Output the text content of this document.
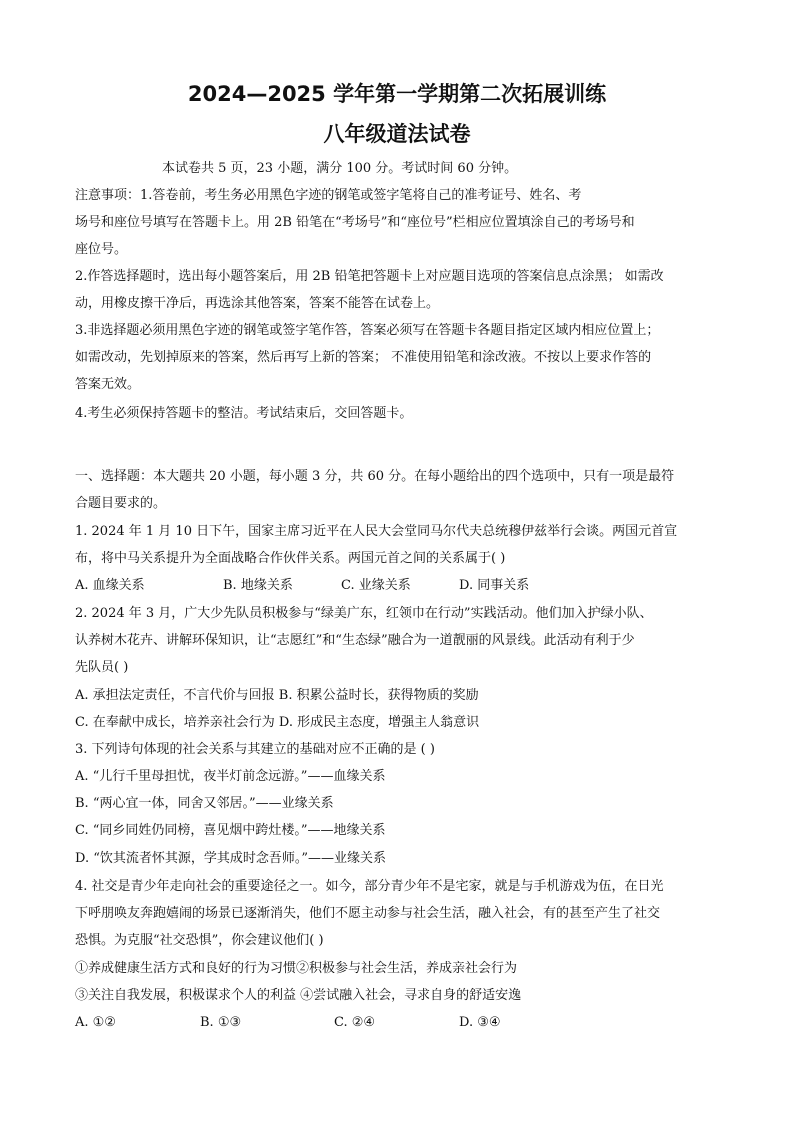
2024—2025 学年第一学期第二次拓展训练
八年级道法试卷
本试卷共 5 页，23 小题，满分 100 分。考试时间 60 分钟。
注意事项：1.答卷前，考生务必用黑色字迹的钢笔或签字笔将自己的准考证号、姓名、考
场号和座位号填写在答题卡上。用 2B 铅笔在“考场号”和“座位号”栏相应位置填涂自己的考场号和
座位号。
2.作答选择题时，选出每小题答案后，用 2B 铅笔把答题卡上对应题目选项的答案信息点涂黑； 如需改
动，用橡皮擦干净后，再选涂其他答案，答案不能答在试卷上。
3.非选择题必须用黑色字迹的钢笔或签字笔作答，答案必须写在答题卡各题目指定区域内相应位置上；
如需改动，先划掉原来的答案，然后再写上新的答案； 不准使用铅笔和涂改液。不按以上要求作答的
答案无效。
4.考生必须保持答题卡的整洁。考试结束后，交回答题卡。
一、选择题：本大题共 20 小题，每小题 3 分，共 60 分。在每小题给出的四个选项中，只有一项是最符
合题目要求的。
1. 2024 年 1 月 10 日下午，国家主席习近平在人民大会堂同马尔代夫总统穆伊兹举行会谈。两国元首宣
布，将中马关系提升为全面战略合作伙伴关系。两国元首之间的关系属于( )
A. 血缘关系	B. 地缘关系	C. 业缘关系	D. 同事关系
2. 2024 年 3 月，广大少先队员积极参与“绿美广东，红领巾在行动”实践活动。他们加入护绿小队、
认养树木花卉、讲解环保知识，让“志愿红”和“生态绿”融合为一道靓丽的风景线。此活动有利于少
先队员( )
A. 承担法定责任，不言代价与回报 B. 积累公益时长，获得物质的奖励
C. 在奉献中成长，培养亲社会行为 D. 形成民主态度，增强主人翁意识
3. 下列诗句体现的社会关系与其建立的基础对应不正确的是 ( )
A. “儿行千里母担忧，夜半灯前念远游。”——血缘关系
B. “两心宜一体，同舍又邻居。”——业缘关系
C. “同乡同姓仍同榜，喜见烟中跨灶楼。”——地缘关系
D. “饮其流者怀其源，学其成时念吾师。”——业缘关系
4. 社交是青少年走向社会的重要途径之一。如今，部分青少年不是宅家，就是与手机游戏为伍，在日光
下呼朋唤友奔跑嬉闹的场景已逐渐消失，他们不愿主动参与社会生活，融入社会，有的甚至产生了社交
恐惧。为克服“社交恐惧”，你会建议他们( )
①养成健康生活方式和良好的行为习惯②积极参与社会生活，养成亲社会行为
③关注自我发展，积极谋求个人的利益 ④尝试融入社会，寻求自身的舒适安逸
A. ①②	B. ①③	C. ②④	D. ③④
